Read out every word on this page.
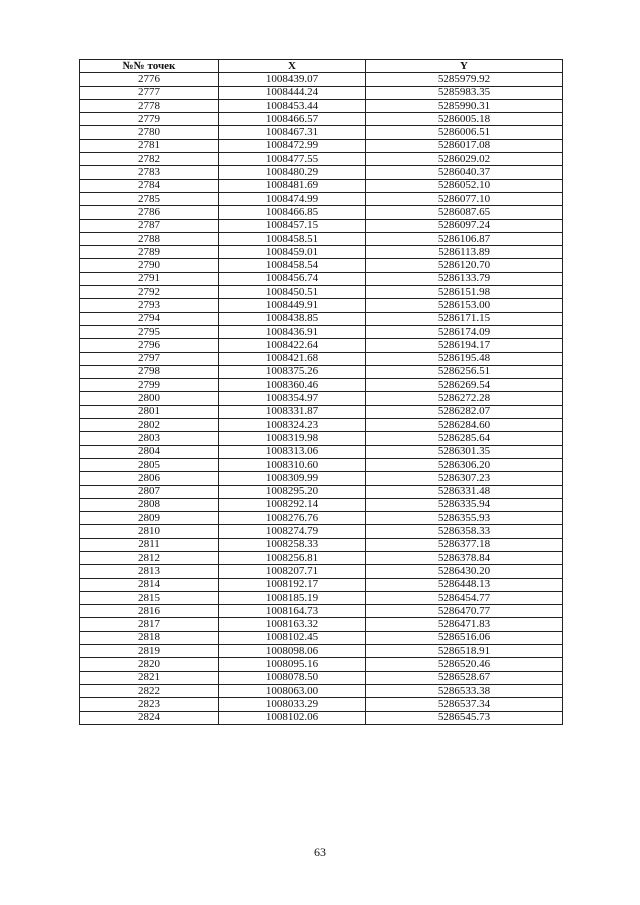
№№ точек	X	Y
2776	1008439.07	5285979.92
2777	1008444.24	5285983.35
2778	1008453.44	5285990.31
2779	1008466.57	5286005.18
2780	1008467.31	5286006.51
2781	1008472.99	5286017.08
2782	1008477.55	5286029.02
2783	1008480.29	5286040.37
2784	1008481.69	5286052.10
2785	1008474.99	5286077.10
2786	1008466.85	5286087.65
2787	1008457.15	5286097.24
2788	1008458.51	5286106.87
2789	1008459.01	5286113.89
2790	1008458.54	5286120.70
2791	1008456.74	5286133.79
2792	1008450.51	5286151.98
2793	1008449.91	5286153.00
2794	1008438.85	5286171.15
2795	1008436.91	5286174.09
2796	1008422.64	5286194.17
2797	1008421.68	5286195.48
2798	1008375.26	5286256.51
2799	1008360.46	5286269.54
2800	1008354.97	5286272.28
2801	1008331.87	5286282.07
2802	1008324.23	5286284.60
2803	1008319.98	5286285.64
2804	1008313.06	5286301.35
2805	1008310.60	5286306.20
2806	1008309.99	5286307.23
2807	1008295.20	5286331.48
2808	1008292.14	5286335.94
2809	1008276.76	5286355.93
2810	1008274.79	5286358.33
2811	1008258.33	5286377.18
2812	1008256.81	5286378.84
2813	1008207.71	5286430.20
2814	1008192.17	5286448.13
2815	1008185.19	5286454.77
2816	1008164.73	5286470.77
2817	1008163.32	5286471.83
2818	1008102.45	5286516.06
2819	1008098.06	5286518.91
2820	1008095.16	5286520.46
2821	1008078.50	5286528.67
2822	1008063.00	5286533.38
2823	1008033.29	5286537.34
2824	1008102.06	5286545.73
63
